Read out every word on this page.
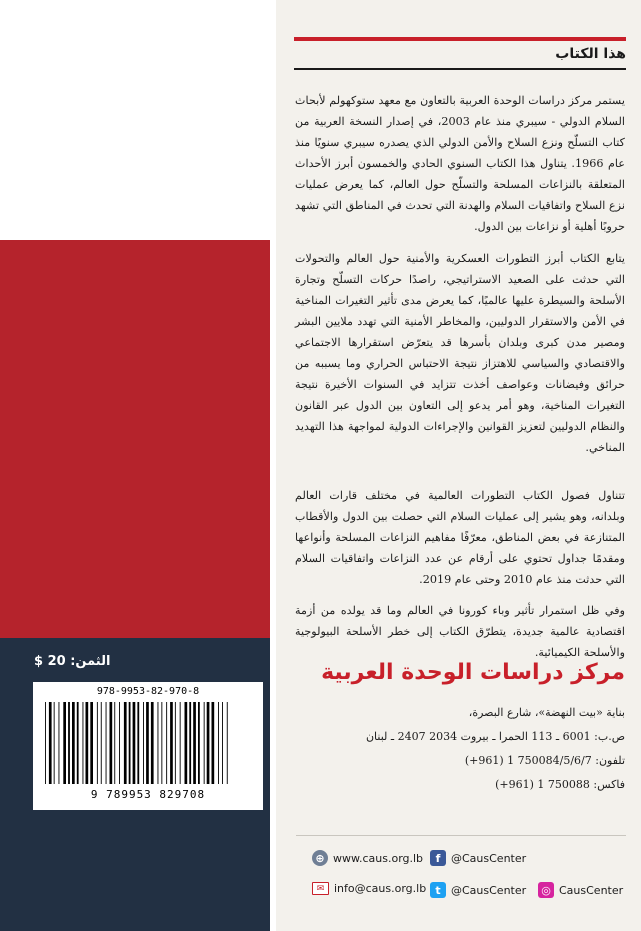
هذا الكتاب

يستمر مركز دراسات الوحدة العربية بالتعاون مع معهد ستوكهولم لأبحاث السلام الدولي - سيبري منذ عام 2003، في إصدار النسخة العربية من كتاب التسلّح ونزع السلاح والأمن الدولي الذي يصدره سيبري سنويًا منذ عام 1966. يتناول هذا الكتاب السنوي الحادي والخمسون أبرز الأحداث المتعلقة بالنزاعات المسلحة والتسلّح حول العالم، كما يعرض عمليات نزع السلاح واتفاقيات السلام والهدنة التي تحدث في المناطق التي تشهد حروبًا أهلية أو نزاعات بين الدول.

يتابع الكتاب أبرز التطورات العسكرية والأمنية حول العالم والتحولات التي حدثت على الصعيد الاستراتيجي، راصدًا حركات التسلّح وتجارة الأسلحة والسيطرة عليها عالميًا، كما يعرض مدى تأثير التغيرات المناخية في الأمن والاستقرار الدوليين، والمخاطر الأمنية التي تهدد ملايين البشر ومصير مدن كبرى وبلدان بأسرها قد يتعرّض استقرارها الاجتماعي والاقتصادي والسياسي للاهتزاز نتيجة الاحتباس الحراري وما يسببه من حرائق وفيضانات وعواصف أخذت تتزايد في السنوات الأخيرة نتيجة التغيرات المناخية، وهو أمر يدعو إلى التعاون بين الدول عبر القانون والنظام الدوليين لتعزيز القوانين والإجراءات الدولية لمواجهة هذا التهديد المناخي.

تتناول فصول الكتاب التطورات العالمية في مختلف قارات العالم وبلدانه، وهو يشير إلى عمليات السلام التي حصلت بين الدول والأقطاب المتنازعة في بعض المناطق، معرّفًا مفاهيم النزاعات المسلحة وأنواعها ومقدمًا جداول تحتوي على أرقام عن عدد النزاعات واتفاقيات السلام التي حدثت منذ عام 2010 وحتى عام 2019.

وفي ظل استمرار تأثير وباء كورونا في العالم وما قد يولده من أزمة اقتصادية عالمية جديدة، يتطرّق الكتاب إلى خطر الأسلحة البيولوجية والأسلحة الكيميائية.

مركز دراسات الوحدة العربية
بناية «بيت النهضة»، شارع البصرة،
ص.ب: 6001 ـ 113 الحمرا ـ بيروت 2034 2407 ـ لبنان
تلفون: (+961) 1 750084/5/6/7
فاكس: (+961) 1 750088
الثمن: 20 $
978-9953-82-970-8
9 789953 829708
⊕ www.caus.org.lb	f @CausCenter
✉ info@caus.org.lb t @CausCenter ◎ CausCenter
